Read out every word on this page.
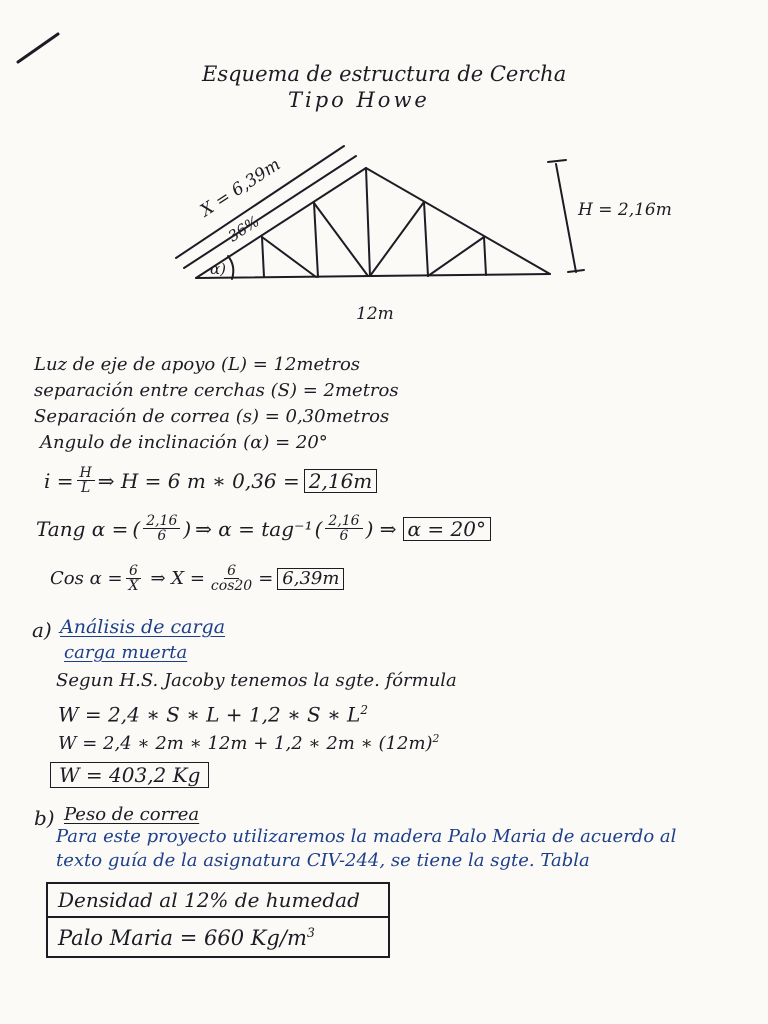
Esquema de estructura de Cercha
Tipo Howe
X = 6,39m
36%
α)
H = 2,16m
12m
Luz de eje de apoyo (L) = 12metros
separación entre cerchas (S) = 2metros
Separación de correa (s) = 0,30metros
Angulo de inclinación (α) = 20°
$i = \frac{H}{L}$ ⇒ H = 6 m ∗ 0,36 = 2,16m
Tang α = ( $\frac{2,16}{6}$ ) ⇒ α = tag⁻¹ ( $\frac{2,16}{6}$ ) ⇒ α = 20°
Cos $\alpha = \frac{6}{X}$ ⇒ $X = \frac{6}{\cos 20} = 6,39m$
a) Análisis de carga
carga muerta
Segun H.S. Jacoby tenemos la sgte. fórmula
W = 2,4 ∗ S ∗ L + 1,2 ∗ S ∗ $L^2$
W = 2,4 ∗ 2m ∗ 12m + 1,2 ∗ 2m ∗ $(12m)^2$
W = 403,2 Kg
b) Peso de correa
Para este proyecto utilizaremos la madera Palo Maria de acuerdo al
texto guía de la asignatura CIV-244, se tiene la sgte. Tabla
Densidad al 12% de humedad
Palo Maria = 660 $Kg/m^3$
